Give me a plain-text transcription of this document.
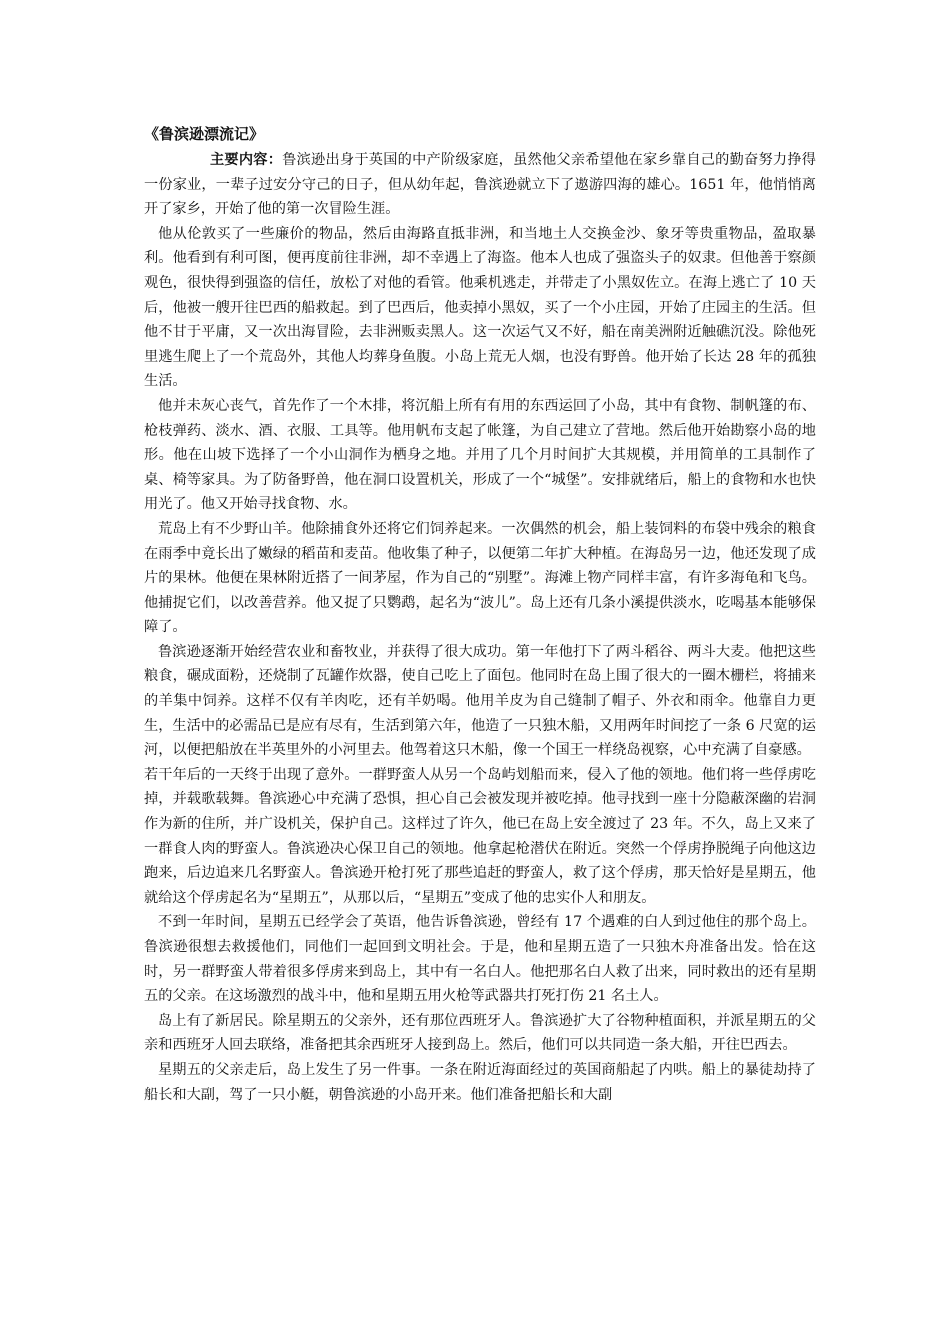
《鲁滨逊漂流记》

主要内容：鲁滨逊出身于英国的中产阶级家庭，虽然他父亲希望他在家乡靠自己的勤奋努力挣得一份家业，一辈子过安分守己的日子，但从幼年起，鲁滨逊就立下了遨游四海的雄心。1651 年，他悄悄离开了家乡，开始了他的第一次冒险生涯。

他从伦敦买了一些廉价的物品，然后由海路直抵非洲，和当地土人交换金沙、象牙等贵重物品，盈取暴利。他看到有利可图，便再度前往非洲，却不幸遇上了海盗。他本人也成了强盗头子的奴隶。但他善于察颜观色，很快得到强盗的信任，放松了对他的看管。他乘机逃走，并带走了小黑奴佐立。在海上逃亡了 10 天后，他被一艘开往巴西的船救起。到了巴西后，他卖掉小黑奴，买了一个小庄园，开始了庄园主的生活。但他不甘于平庸，又一次出海冒险，去非洲贩卖黑人。这一次运气又不好，船在南美洲附近触礁沉没。除他死里逃生爬上了一个荒岛外，其他人均葬身鱼腹。小岛上荒无人烟，也没有野兽。他开始了长达 28 年的孤独生活。

他并未灰心丧气，首先作了一个木排，将沉船上所有有用的东西运回了小岛，其中有食物、制帆篷的布、枪枝弹药、淡水、酒、衣服、工具等。他用帆布支起了帐篷，为自己建立了营地。然后他开始勘察小岛的地形。他在山坡下选择了一个小山洞作为栖身之地。并用了几个月时间扩大其规模，并用简单的工具制作了桌、椅等家具。为了防备野兽，他在洞口设置机关，形成了一个“城堡”。安排就绪后，船上的食物和水也快用光了。他又开始寻找食物、水。

荒岛上有不少野山羊。他除捕食外还将它们饲养起来。一次偶然的机会，船上装饲料的布袋中残余的粮食在雨季中竟长出了嫩绿的稻苗和麦苗。他收集了种子，以便第二年扩大种植。在海岛另一边，他还发现了成片的果林。他便在果林附近搭了一间茅屋，作为自己的“别墅”。海滩上物产同样丰富，有许多海龟和飞鸟。他捕捉它们，以改善营养。他又捉了只鹦鹉，起名为“波儿”。岛上还有几条小溪提供淡水，吃喝基本能够保障了。

鲁滨逊逐渐开始经营农业和畜牧业，并获得了很大成功。第一年他打下了两斗稻谷、两斗大麦。他把这些粮食，碾成面粉，还烧制了瓦罐作炊器，使自己吃上了面包。他同时在岛上围了很大的一圈木栅栏，将捕来的羊集中饲养。这样不仅有羊肉吃，还有羊奶喝。他用羊皮为自己缝制了帽子、外衣和雨伞。他靠自力更生，生活中的必需品已是应有尽有，生活到第六年，他造了一只独木船，又用两年时间挖了一条 6 尺宽的运河，以便把船放在半英里外的小河里去。他驾着这只木船，像一个国王一样绕岛视察，心中充满了自豪感。

若干年后的一天终于出现了意外。一群野蛮人从另一个岛屿划船而来，侵入了他的领地。他们将一些俘虏吃掉，并载歌载舞。鲁滨逊心中充满了恐惧，担心自己会被发现并被吃掉。他寻找到一座十分隐蔽深幽的岩洞作为新的住所，并广设机关，保护自己。这样过了许久，他已在岛上安全渡过了 23 年。不久，岛上又来了一群食人肉的野蛮人。鲁滨逊决心保卫自己的领地。他拿起枪潜伏在附近。突然一个俘虏挣脱绳子向他这边跑来，后边追来几名野蛮人。鲁滨逊开枪打死了那些追赶的野蛮人，救了这个俘虏，那天恰好是星期五，他就给这个俘虏起名为“星期五”，从那以后，“星期五”变成了他的忠实仆人和朋友。

不到一年时间，星期五已经学会了英语，他告诉鲁滨逊，曾经有 17 个遇难的白人到过他住的那个岛上。鲁滨逊很想去救援他们，同他们一起回到文明社会。于是，他和星期五造了一只独木舟准备出发。恰在这时，另一群野蛮人带着很多俘虏来到岛上，其中有一名白人。他把那名白人救了出来，同时救出的还有星期五的父亲。在这场激烈的战斗中，他和星期五用火枪等武器共打死打伤 21 名土人。

岛上有了新居民。除星期五的父亲外，还有那位西班牙人。鲁滨逊扩大了谷物种植面积，并派星期五的父亲和西班牙人回去联络，准备把其余西班牙人接到岛上。然后，他们可以共同造一条大船，开往巴西去。

星期五的父亲走后，岛上发生了另一件事。一条在附近海面经过的英国商船起了内哄。船上的暴徒劫持了船长和大副，驾了一只小艇，朝鲁滨逊的小岛开来。他们准备把船长和大副
